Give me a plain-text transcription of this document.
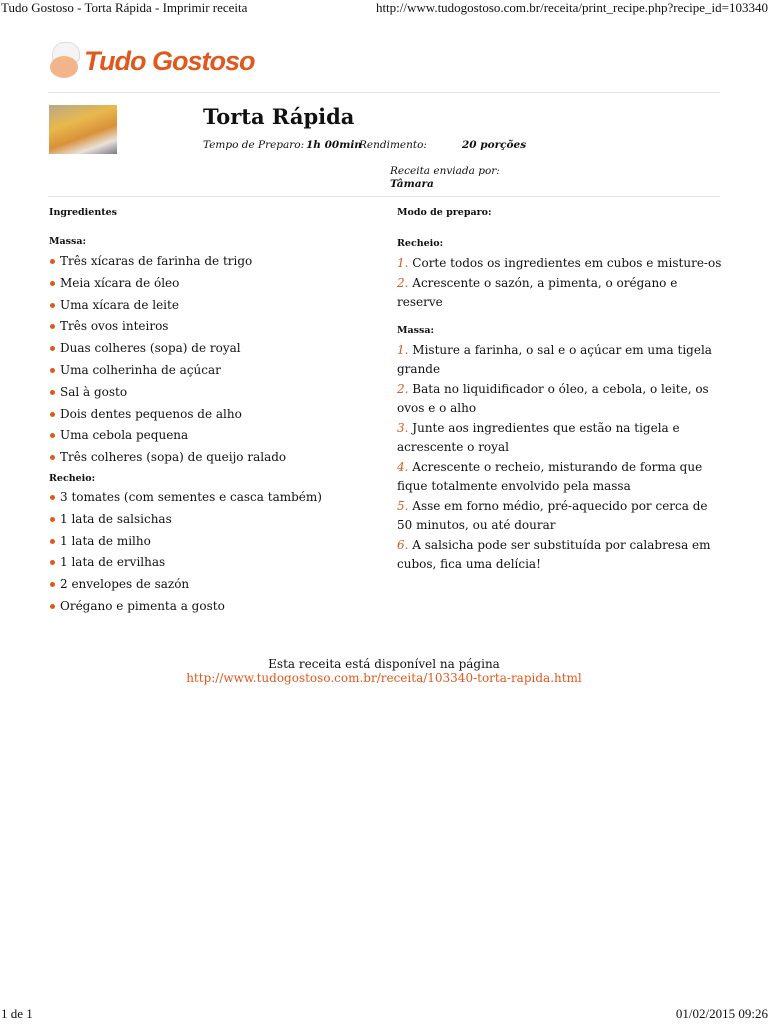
Tudo Gostoso - Torta Rápida - Imprimir receita	http://www.tudogostoso.com.br/receita/print_recipe.php?recipe_id=103340
Tudo Gostoso
Torta Rápida
Tempo de Preparo: 1h 00min
Rendimento:	20 porções
Receita enviada por:
Tâmara
Ingredientes
Massa:
Três xícaras de farinha de trigo
Meia xícara de óleo
Uma xícara de leite
Três ovos inteiros
Duas colheres (sopa) de royal
Uma colherinha de açúcar
Sal à gosto
Dois dentes pequenos de alho
Uma cebola pequena
Três colheres (sopa) de queijo ralado
Recheio:
3 tomates (com sementes e casca também)
1 lata de salsichas
1 lata de milho
1 lata de ervilhas
2 envelopes de sazón
Orégano e pimenta a gosto
Modo de preparo:
Recheio:
1. Corte todos os ingredientes em cubos e misture-os
2. Acrescente o sazón, a pimenta, o orégano e reserve
Massa:
1. Misture a farinha, o sal e o açúcar em uma tigela grande
2. Bata no liquidificador o óleo, a cebola, o leite, os ovos e o alho
3. Junte aos ingredientes que estão na tigela e acrescente o royal
4. Acrescente o recheio, misturando de forma que fique totalmente envolvido pela massa
5. Asse em forno médio, pré-aquecido por cerca de 50 minutos, ou até dourar
6. A salsicha pode ser substituída por calabresa em cubos, fica uma delícia!
Esta receita está disponível na página
http://www.tudogostoso.com.br/receita/103340-torta-rapida.html
1 de 1	01/02/2015 09:26
